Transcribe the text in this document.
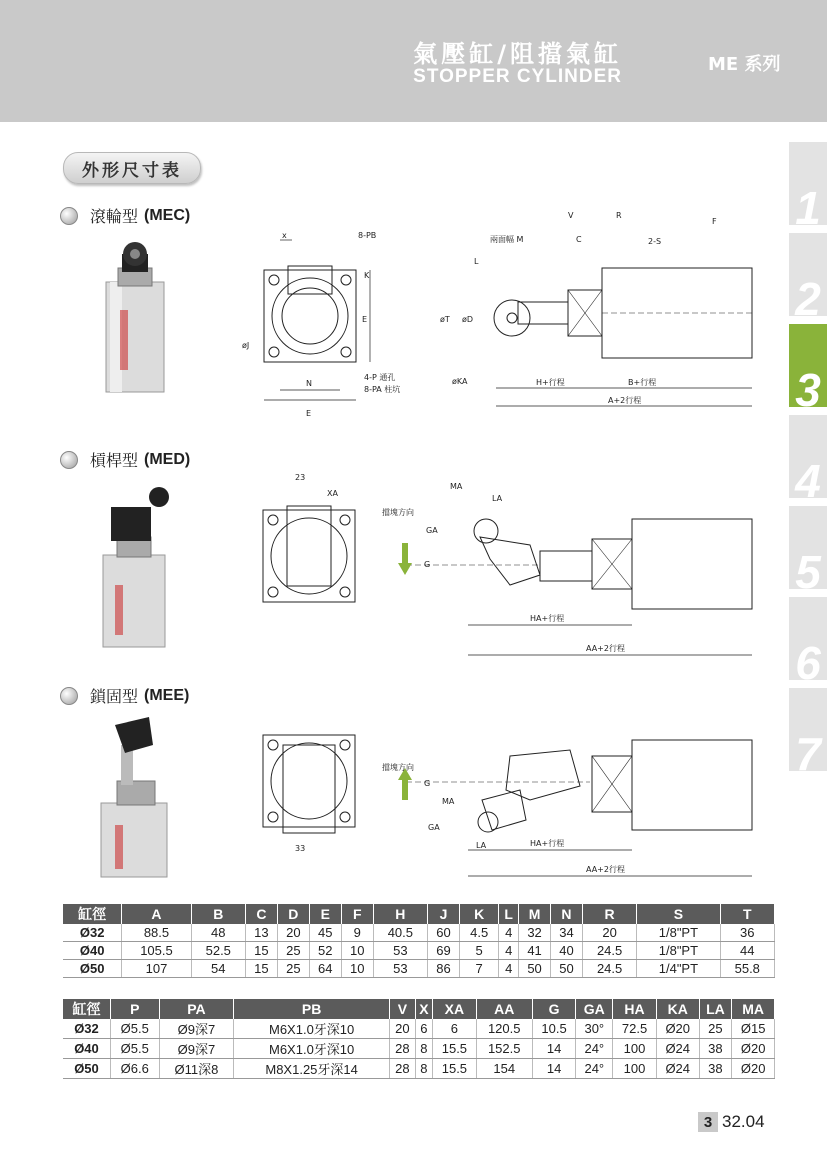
氣壓缸/阻擋氣缸
STOPPER CYLINDER
ME 系列
1
2
3
4
5
6
7
外形尺寸表
滾輪型 (MEC)
槓桿型 (MED)
鎖固型 (MEE)
x	8-PB
K
E
øJ
4-P 通孔
8-PA 柱坑
N
E
V	R
F
兩面幅 M	C	2-S
L
øT øD
øKA	H+行程	B+行程
A+2行程
23
XA
MA
LA
GA
G
擋塊方向
HA+行程
AA+2行程
33
擋塊方向
G
MA
GA
LA	HA+行程
AA+2行程
缸徑	A	B	C	D	E	F	H	J	K	L	M	N	R	S	T
Ø32	88.5	48	13	20	45	9	40.5	60	4.5	4	32	34	20	1/8"PT	36
Ø40	105.5	52.5	15	25	52	10	53	69	5	4	41	40	24.5	1/8"PT	44
Ø50	107	54	15	25	64	10	53	86	7	4	50	50	24.5	1/4"PT	55.8
缸徑	P	PA	PB	V	X	XA	AA	G	GA	HA	KA	LA	MA
Ø32	Ø5.5	Ø9深7	M6X1.0牙深10	20	6	6	120.5	10.5	30°	72.5	Ø20	25	Ø15
Ø40	Ø5.5	Ø9深7	M6X1.0牙深10	28	8	15.5	152.5	14	24°	100	Ø24	38	Ø20
Ø50	Ø6.6	Ø11深8	M8X1.25牙深14	28	8	15.5	154	14	24°	100	Ø24	38	Ø20
3 32.04
